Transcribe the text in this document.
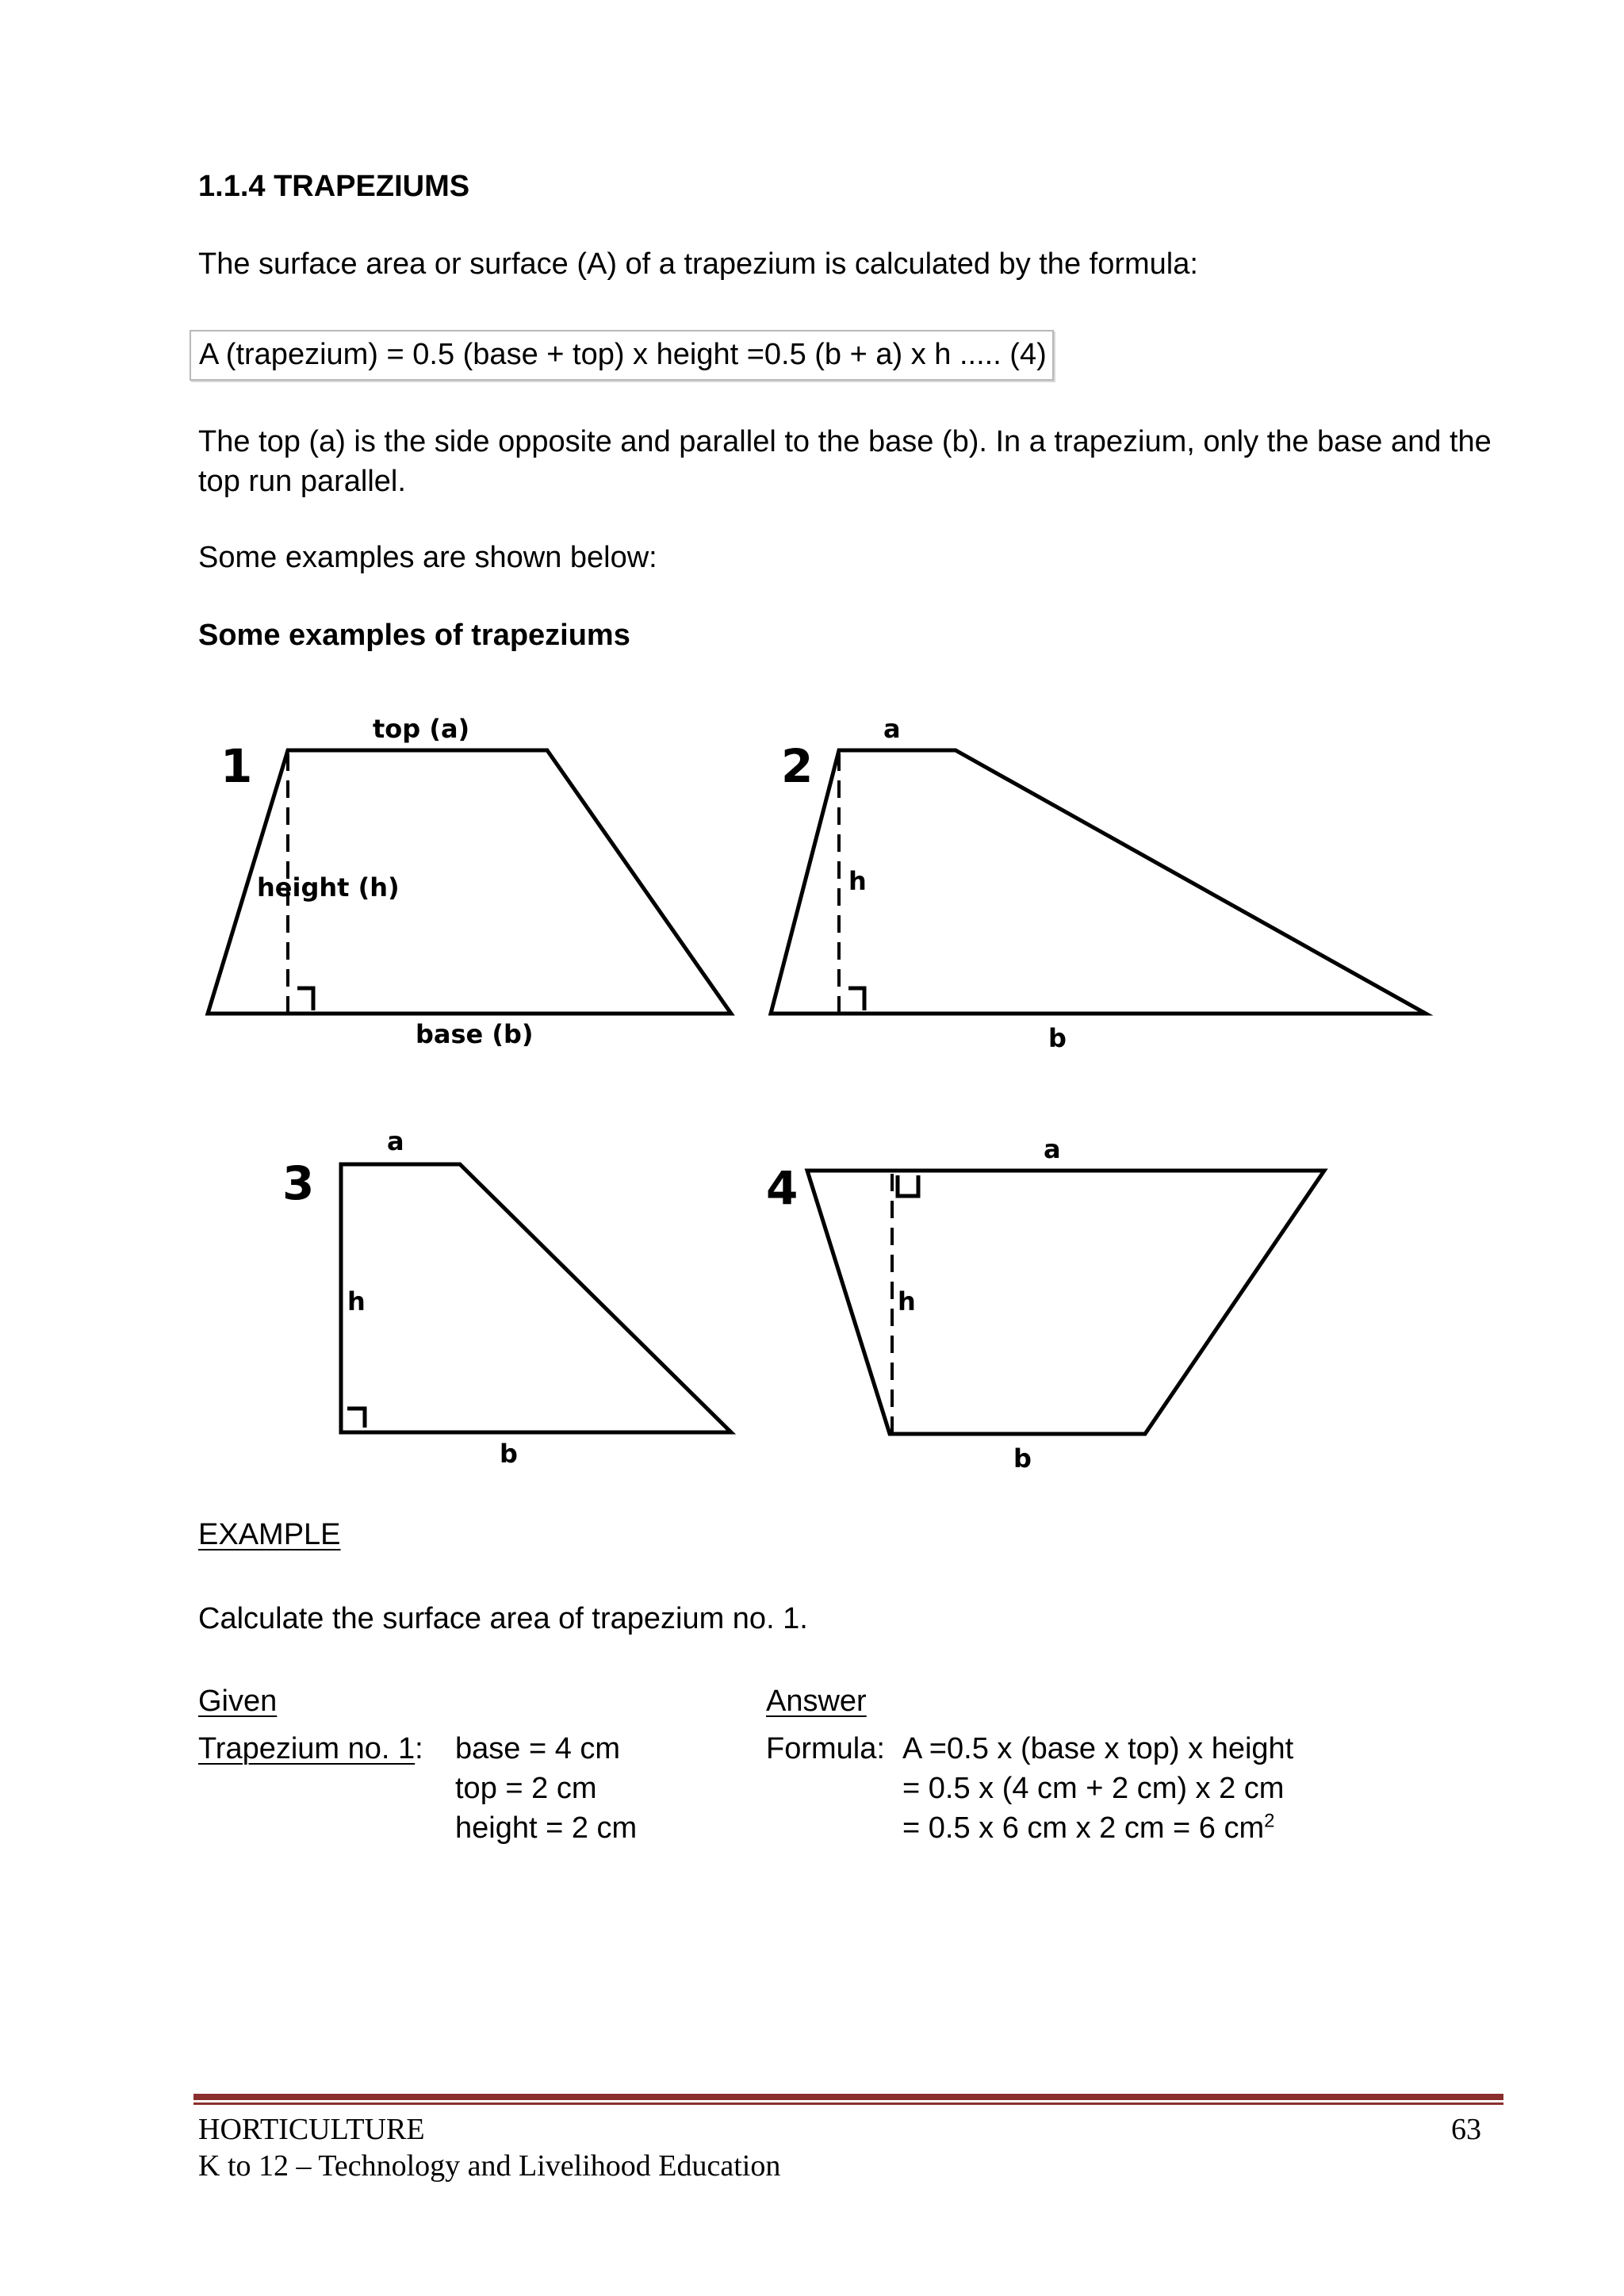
1.1.4 TRAPEZIUMS
The surface area or surface (A) of a trapezium is calculated by the formula:
A (trapezium) = 0.5 (base + top) x height =0.5 (b + a) x h ..... (4)
The top (a) is the side opposite and parallel to the base (b). In a trapezium, only the base and the top run parallel.
Some examples are shown below:
Some examples of trapeziums
1
top (a)
height (h)
base (b)
2
a
h
b
3
a
h
b
4
a
h
b
EXAMPLE
Calculate the surface area of trapezium no. 1.
Given	Answer
Trapezium no. 1: base = 4 cm
top = 2 cm
height = 2 cm
Formula: A =0.5 x (base x top) x height
= 0.5 x (4 cm + 2 cm) x 2 cm
= 0.5 x 6 cm x 2 cm = 6 $cm^2$
HORTICULTURE
K to 12 – Technology and Livelihood Education
63
